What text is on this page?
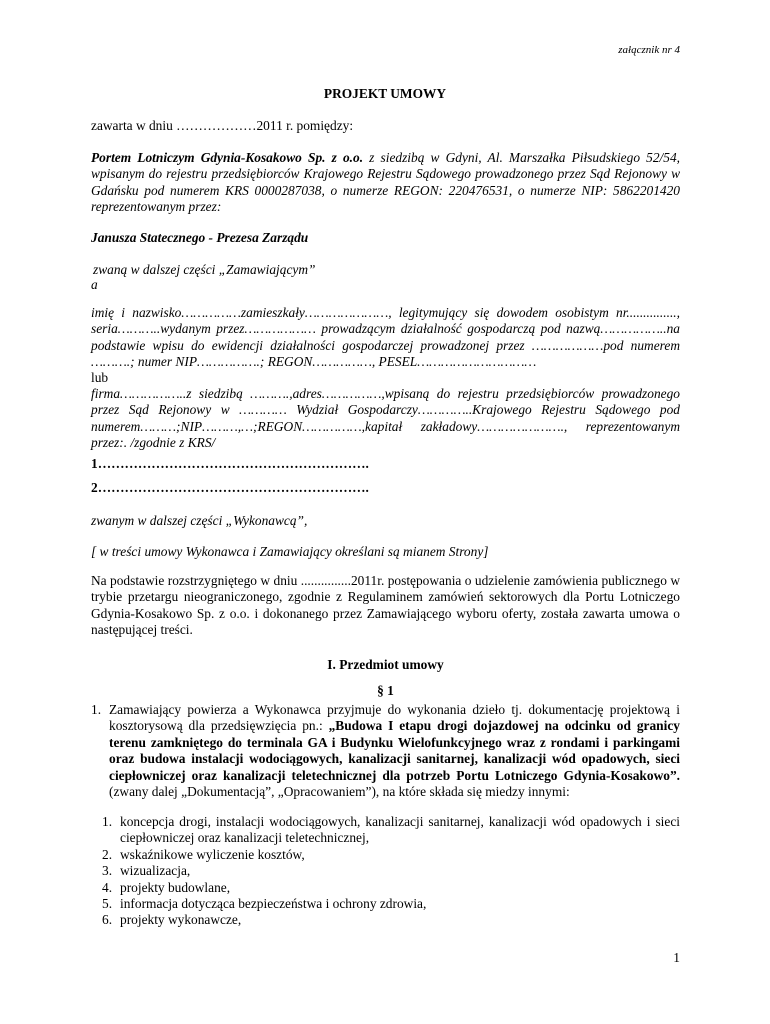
załącznik nr 4

PROJEKT UMOWY

zawarta w dniu ………………2011 r. pomiędzy:

Portem Lotniczym Gdynia-Kosakowo Sp. z o.o. z siedzibą w Gdyni, Al. Marszałka Piłsudskiego 52/54, wpisanym do rejestru przedsiębiorców Krajowego Rejestru Sądowego prowadzonego przez Sąd Rejonowy w Gdańsku pod numerem KRS 0000287038, o numerze REGON: 220476531, o numerze NIP: 5862201420 reprezentowanym przez:

Janusza Statecznego - Prezesa Zarządu

zwaną w dalszej części „Zamawiającym”

a

imię i nazwisko……………zamieszkały…………………, legitymujący się dowodem osobistym nr..............., seria………..wydanym przez……………… prowadzącym działalność gospodarczą pod nazwą……………..na podstawie wpisu do ewidencji działalności gospodarczej prowadzonej przez ………………pod numerem ……….; numer NIP…………….; REGON……………, PESEL…………………………

lub

firma……………..z siedzibą ……….,adres……………,wpisaną do rejestru przedsiębiorców prowadzonego przez Sąd Rejonowy w ………… Wydział Gospodarczy…………..Krajowego Rejestru Sądowego pod numerem………;NIP………,…;REGON……………,kapitał zakładowy…………………., reprezentowanym przez:. /zgodnie z KRS/

1…………………………………………………….

2…………………………………………………….

zwanym w dalszej części „Wykonawcą”,

[ w treści umowy Wykonawca i Zamawiający określani są mianem Strony]

Na podstawie rozstrzygniętego w dniu ...............2011r. postępowania o udzielenie zamówienia publicznego w trybie przetargu nieograniczonego, zgodnie z Regulaminem zamówień sektorowych dla Portu Lotniczego Gdynia-Kosakowo Sp. z o.o. i dokonanego przez Zamawiającego wyboru oferty, została zawarta umowa o następującej treści.

I. Przedmiot umowy

§ 1

1. Zamawiający powierza a Wykonawca przyjmuje do wykonania dzieło tj. dokumentację projektową i kosztorysową dla przedsięwzięcia pn.: „Budowa I etapu drogi dojazdowej na odcinku od granicy terenu zamkniętego do terminala GA i Budynku Wielofunkcyjnego wraz z rondami i parkingami oraz budowa instalacji wodociągowych, kanalizacji sanitarnej, kanalizacji wód opadowych, sieci ciepłowniczej oraz kanalizacji teletechnicznej dla potrzeb Portu Lotniczego Gdynia-Kosakowo”. (zwany dalej „Dokumentacją”, „Opracowaniem”), na które składa się miedzy innymi:
1. koncepcja drogi, instalacji wodociągowych, kanalizacji sanitarnej, kanalizacji wód opadowych i sieci ciepłowniczej oraz kanalizacji teletechnicznej,
2. wskaźnikowe wyliczenie kosztów,
3. wizualizacja,
4. projekty budowlane,
5. informacja dotycząca bezpieczeństwa i ochrony zdrowia,
6. projekty wykonawcze,

1
